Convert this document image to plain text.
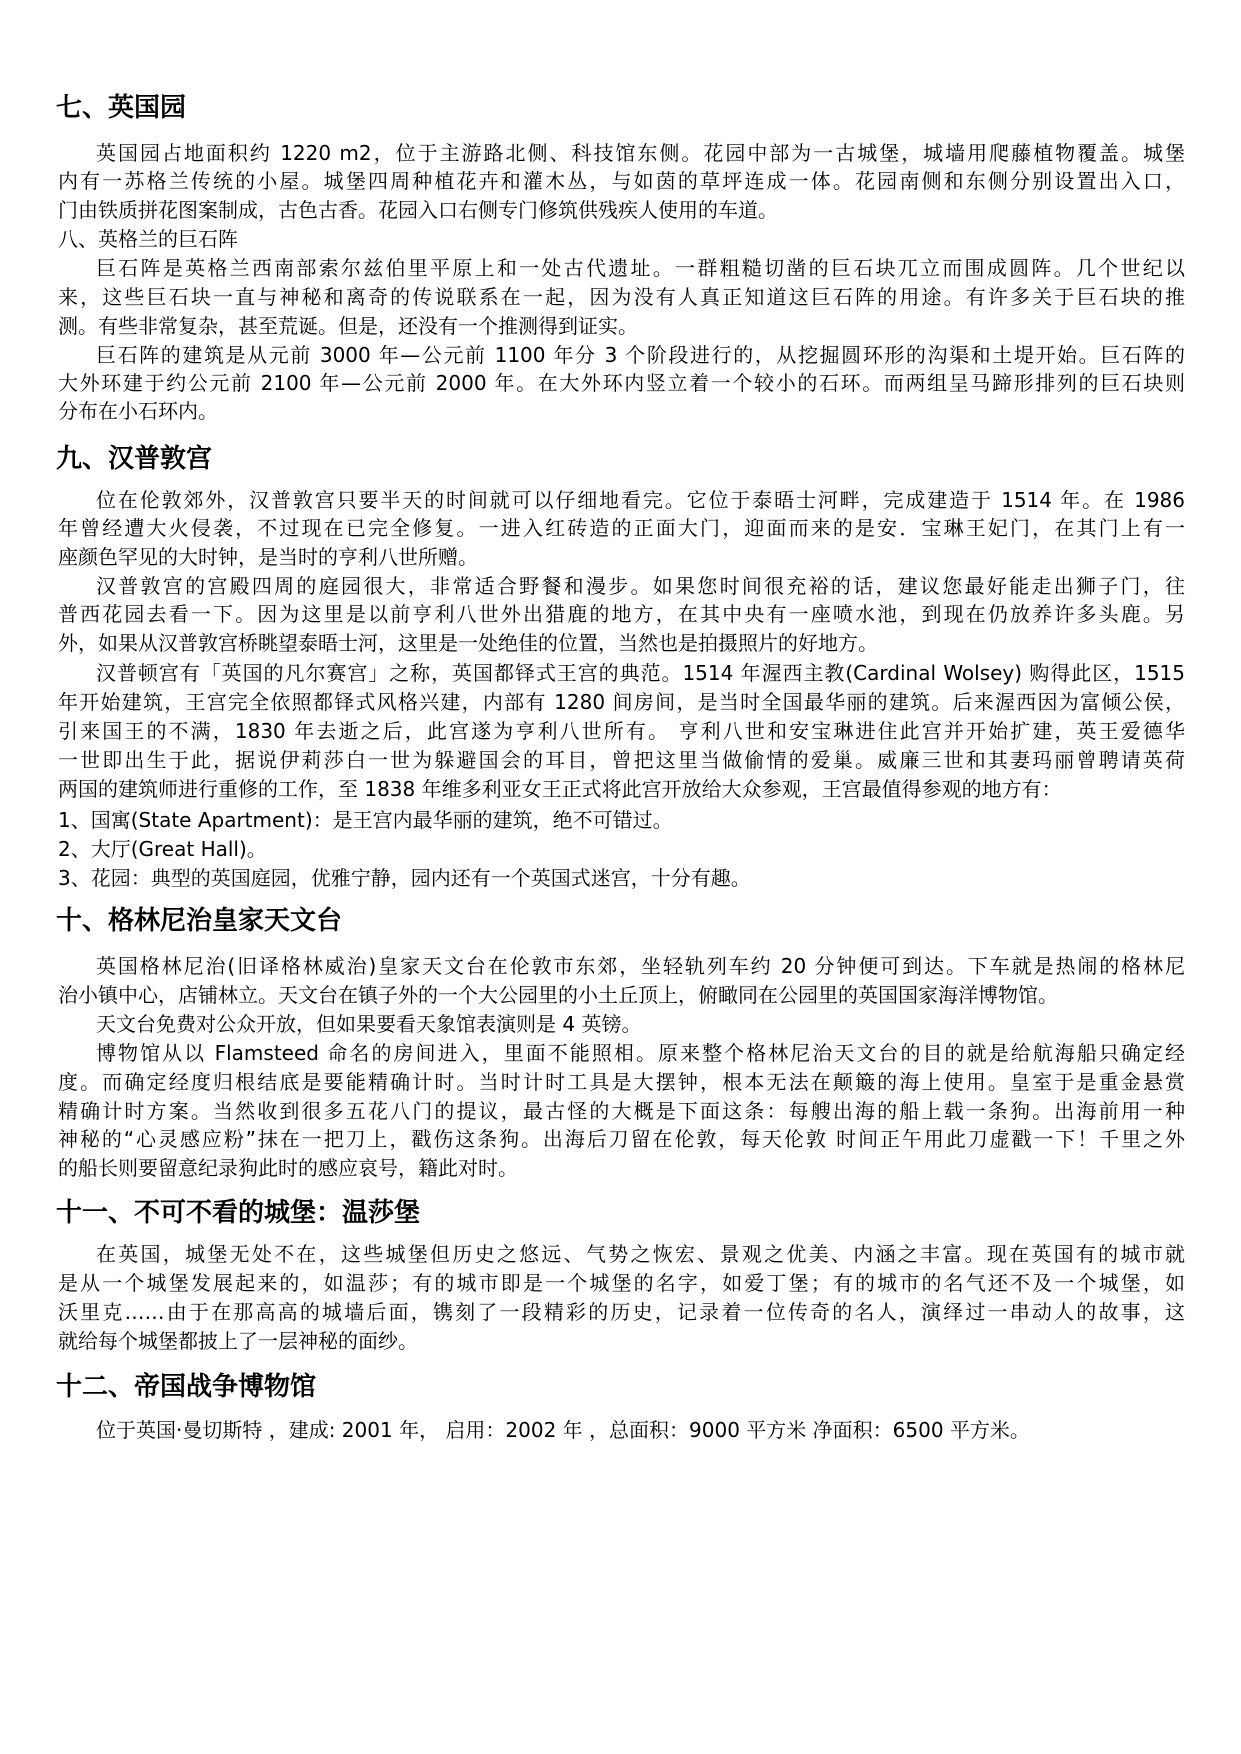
七、英国园
英国园占地面积约 1220 m2，位于主游路北侧、科技馆东侧。花园中部为一古城堡，城墙用爬藤植物覆盖。城堡
内有一苏格兰传统的小屋。城堡四周种植花卉和灌木丛，与如茵的草坪连成一体。花园南侧和东侧分别设置出入口，
门由铁质拼花图案制成，古色古香。花园入口右侧专门修筑供残疾人使用的车道。
八、英格兰的巨石阵
巨石阵是英格兰西南部索尔兹伯里平原上和一处古代遗址。一群粗糙切凿的巨石块兀立而围成圆阵。几个世纪以
来，这些巨石块一直与神秘和离奇的传说联系在一起，因为没有人真正知道这巨石阵的用途。有许多关于巨石块的推
测。有些非常复杂，甚至荒诞。但是，还没有一个推测得到证实。
巨石阵的建筑是从元前 3000 年—公元前 1100 年分 3 个阶段进行的，从挖掘圆环形的沟渠和土堤开始。巨石阵的
大外环建于约公元前 2100 年—公元前 2000 年。在大外环内竖立着一个较小的石环。而两组呈马蹄形排列的巨石块则
分布在小石环内。
九、汉普敦宫
位在伦敦郊外，汉普敦宫只要半天的时间就可以仔细地看完。它位于泰晤士河畔，完成建造于 1514 年。在 1986
年曾经遭大火侵袭，不过现在已完全修复。一进入红砖造的正面大门，迎面而来的是安．宝琳王妃门，在其门上有一
座颜色罕见的大时钟，是当时的亨利八世所赠。
汉普敦宫的宫殿四周的庭园很大，非常适合野餐和漫步。如果您时间很充裕的话，建议您最好能走出狮子门，往
普西花园去看一下。因为这里是以前亨利八世外出猎鹿的地方，在其中央有一座喷水池，到现在仍放养许多头鹿。另
外，如果从汉普敦宫桥眺望泰晤士河，这里是一处绝佳的位置，当然也是拍摄照片的好地方。
汉普顿宫有「英国的凡尔赛宫」之称，英国都铎式王宫的典范。1514 年渥西主教(Cardinal Wolsey) 购得此区，1515
年开始建筑，王宫完全依照都铎式风格兴建，内部有 1280 间房间，是当时全国最华丽的建筑。后来渥西因为富倾公侯，
引来国王的不满，1830 年去逝之后，此宫遂为亨利八世所有。 亨利八世和安宝琳进住此宫并开始扩建，英王爱德华
一世即出生于此，据说伊莉莎白一世为躲避国会的耳目，曾把这里当做偷情的爱巢。威廉三世和其妻玛丽曾聘请英荷
两国的建筑师进行重修的工作，至 1838 年维多利亚女王正式将此宫开放给大众参观，王宫最值得参观的地方有：
1、国寓(State Apartment)：是王宫内最华丽的建筑，绝不可错过。
2、大厅(Great Hall)。
3、花园：典型的英国庭园，优雅宁静，园内还有一个英国式迷宫，十分有趣。
十、格林尼治皇家天文台
英国格林尼治(旧译格林威治)皇家天文台在伦敦市东郊，坐轻轨列车约 20 分钟便可到达。下车就是热闹的格林尼
治小镇中心，店铺林立。天文台在镇子外的一个大公园里的小土丘顶上，俯瞰同在公园里的英国国家海洋博物馆。
天文台免费对公众开放，但如果要看天象馆表演则是 4 英镑。
博物馆从以 Flamsteed 命名的房间进入，里面不能照相。原来整个格林尼治天文台的目的就是给航海船只确定经
度。而确定经度归根结底是要能精确计时。当时计时工具是大摆钟，根本无法在颠簸的海上使用。皇室于是重金悬赏
精确计时方案。当然收到很多五花八门的提议，最古怪的大概是下面这条：每艘出海的船上载一条狗。出海前用一种
神秘的“心灵感应粉”抹在一把刀上，戳伤这条狗。出海后刀留在伦敦，每天伦敦 时间正午用此刀虚戳一下！千里之外
的船长则要留意纪录狗此时的感应哀号，籍此对时。
十一、不可不看的城堡：温莎堡
在英国，城堡无处不在，这些城堡但历史之悠远、气势之恢宏、景观之优美、内涵之丰富。现在英国有的城市就
是从一个城堡发展起来的，如温莎；有的城市即是一个城堡的名字，如爱丁堡；有的城市的名气还不及一个城堡，如
沃里克……由于在那高高的城墙后面，镌刻了一段精彩的历史，记录着一位传奇的名人，演绎过一串动人的故事，这
就给每个城堡都披上了一层神秘的面纱。
十二、帝国战争博物馆
位于英国·曼切斯特 ，建成: 2001 年， 启用：2002 年 ，总面积：9000 平方米 净面积：6500 平方米。
